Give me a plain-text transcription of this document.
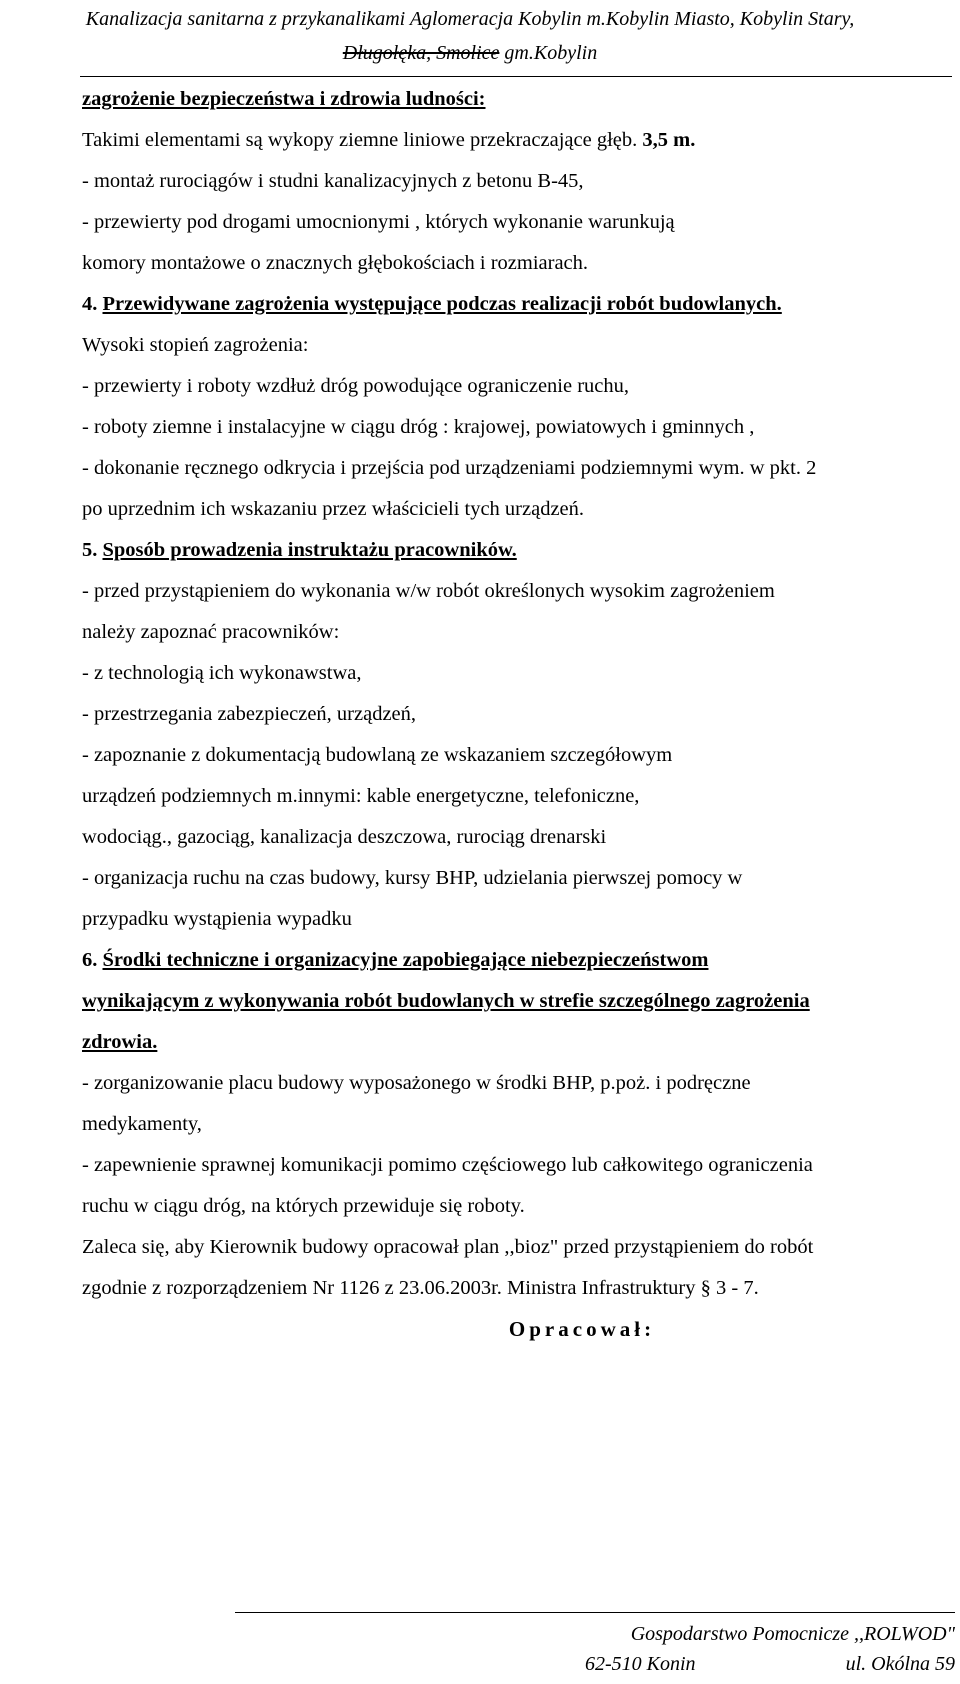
Kanalizacja sanitarna z przykanalikami Aglomeracja Kobylin m.Kobylin Miasto, Kobylin Stary,
Długołęka, Smolice gm.Kobylin
zagrożenie bezpieczeństwa i zdrowia ludności:
Takimi elementami są wykopy ziemne liniowe przekraczające głęb. 3,5 m.
- montaż rurociągów i studni kanalizacyjnych z betonu B-45,
- przewierty pod drogami umocnionymi , których wykonanie warunkują
komory montażowe o znacznych głębokościach i rozmiarach.
4. Przewidywane zagrożenia występujące podczas realizacji robót budowlanych.
Wysoki stopień zagrożenia:
- przewierty i roboty wzdłuż dróg powodujące ograniczenie ruchu,
- roboty ziemne i instalacyjne w ciągu dróg : krajowej, powiatowych i gminnych ,
- dokonanie ręcznego odkrycia i przejścia pod urządzeniami podziemnymi wym. w pkt. 2
po uprzednim ich wskazaniu przez właścicieli tych urządzeń.
5. Sposób prowadzenia instruktażu pracowników.
- przed przystąpieniem do wykonania w/w robót określonych wysokim zagrożeniem
należy zapoznać pracowników:
- z technologią ich wykonawstwa,
- przestrzegania zabezpieczeń, urządzeń,
- zapoznanie z dokumentacją budowlaną ze wskazaniem szczegółowym
urządzeń podziemnych m.innymi: kable energetyczne, telefoniczne,
wodociąg., gazociąg, kanalizacja deszczowa, rurociąg drenarski
- organizacja ruchu na czas budowy, kursy BHP, udzielania pierwszej pomocy w
przypadku wystąpienia wypadku
6. Środki techniczne i organizacyjne zapobiegające niebezpieczeństwom
wynikającym z wykonywania robót budowlanych w strefie szczególnego zagrożenia
zdrowia.
- zorganizowanie placu budowy wyposażonego w środki BHP, p.poż. i podręczne
medykamenty,
- zapewnienie sprawnej komunikacji pomimo częściowego lub całkowitego ograniczenia
ruchu w ciągu dróg, na których przewiduje się roboty.
Zaleca się, aby Kierownik budowy opracował plan ,,bioz" przed przystąpieniem do robót
zgodnie z rozporządzeniem Nr 1126 z 23.06.2003r. Ministra Infrastruktury § 3 - 7.
Opracował:
Gospodarstwo Pomocnicze ,,ROLWOD"
62-510 Konin	ul. Okólna 59
